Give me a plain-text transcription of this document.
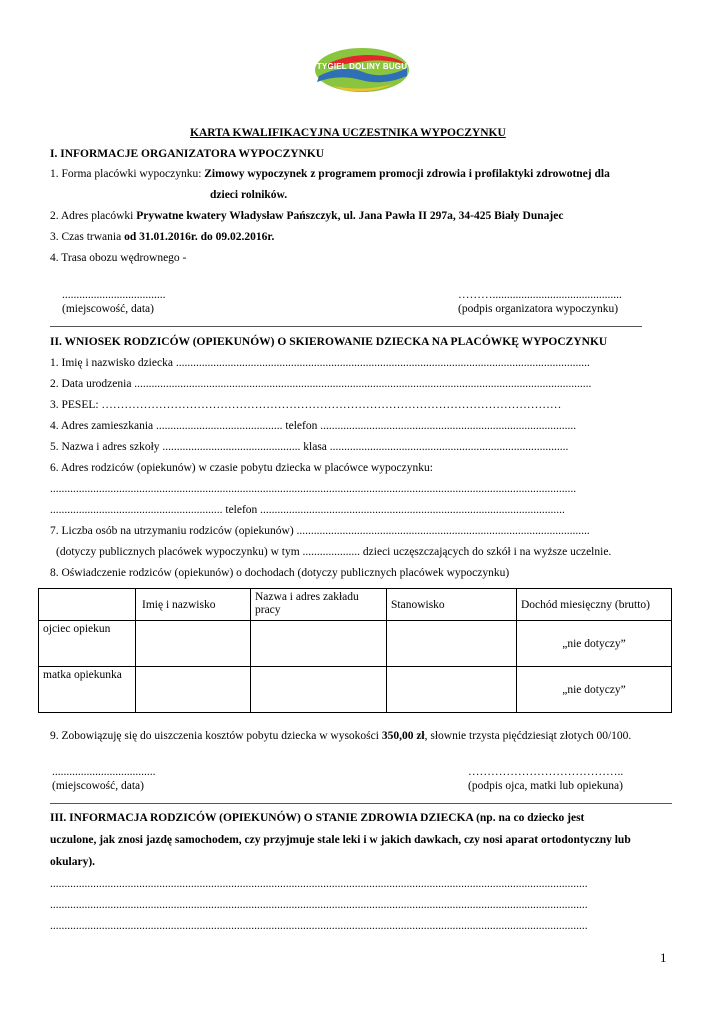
TYGIEL DOLINY BUGU
KARTA KWALIFIKACYJNA UCZESTNIKA WYPOCZYNKU
I. INFORMACJE ORGANIZATORA WYPOCZYNKU
1. Forma placówki wypoczynku: Zimowy wypoczynek z programem promocji zdrowia i profilaktyki zdrowotnej dla
dzieci rolników.
2. Adres placówki Prywatne kwatery Władysław Pańszczyk, ul. Jana Pawła II 297a, 34-425 Biały Dunajec
3. Czas trwania od 31.01.2016r. do 09.02.2016r.
4. Trasa obozu wędrownego -
....................................
(miejscowość, data)
……….............................................
(podpis organizatora wypoczynku)
II. WNIOSEK RODZICÓW (OPIEKUNÓW) O SKIEROWANIE DZIECKA NA PLACÓWKĘ WYPOCZYNKU
1. Imię i nazwisko dziecka ................................................................................................................................................
2. Data urodzenia ...............................................................................................................................................................
3. PESEL: …………………………………………………………………………………………………………
4. Adres zamieszkania ............................................ telefon .........................................................................................
5. Nazwa i adres szkoły ................................................ klasa ...................................................................................
6. Adres rodziców (opiekunów) w czasie pobytu dziecka w placówce wypoczynku:
.......................................................................................................................................................................................
............................................................ telefon ..........................................................................................................
7. Liczba osób na utrzymaniu rodziców (opiekunów) ......................................................................................................
(dotyczy publicznych placówek wypoczynku) w tym .................... dzieci uczęszczających do szkół i na wyższe uczelnie.
8. Oświadczenie rodziców (opiekunów) o dochodach (dotyczy publicznych placówek wypoczynku)
	Imię i nazwisko	Nazwa i adres zakładu pracy	Stanowisko	Dochód miesięczny (brutto)
ojciec opiekun				„nie dotyczy”
matka opiekunka				„nie dotyczy”
9. Zobowiązuję się do uiszczenia kosztów pobytu dziecka w wysokości 350,00 zł, słownie trzysta pięćdziesiąt złotych 00/100.
....................................
(miejscowość, data)
…………………………………..
(podpis ojca, matki lub opiekuna)
III. INFORMACJA RODZICÓW (OPIEKUNÓW) O STANIE ZDROWIA DZIECKA (np. na co dziecko jest
uczulone, jak znosi jazdę samochodem, czy przyjmuje stale leki i w jakich dawkach, czy nosi aparat ortodontyczny lub
okulary).
...........................................................................................................................................................................................
...........................................................................................................................................................................................
...........................................................................................................................................................................................
1
